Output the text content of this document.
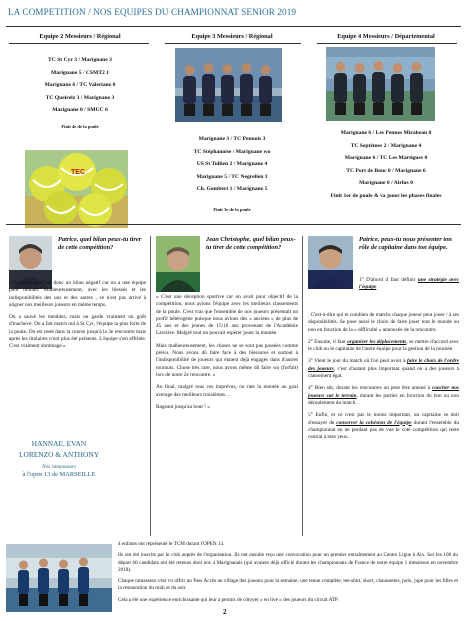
LA COMPETITION / NOS EQUIPES DU CHAMPIONNAT SENIOR 2019
Equipe 2 Messieurs / Régional
TC St Cyr 3 / Marignane 3
Marignane 5 / CSMT2 1
Marignane 6 / TC Valeriane 0
TC Queirelz 3 / Marignane 3
Marignane 0 / SMUC 6
Finit 4e de la poule
TEC
Equipe 3 Messieurs / Régional
Marignane 3 / TC Pennois 3
TC Stéphanoise / Marignane wo
US St Tullien 2 / Marignane 4
Marignane 5 / TC Negrelien 1
Ch. Gombert 1 / Marignane 5
Finit 3e de la poule
Equipe 4 Messieurs / Départemental
Marignane 6 / Les Pennes Mirabeau 0
TC Septèmes 2 / Marignane 4
Marignane 6 / TC Les Martigues 0
TC Port de Bouc 0 / Marignane 6
Marignane 6 / Airlus 0
Finit 1er de poule & va jouer les phases finales
Patrice, quel bilan peux-tu tirer de cette compétition?

« On finit 4e. C'est donc un bilan négatif car on a une équipe pour monter. Malheureusement, avec les blessés et les indisponibilités des uns et des autres , ce n'est pas arrivé à aligner nos meilleurs joueurs en même temps.

On a sauvé les meubles, mais on garde vraiment un goût d'inachevé. On a fait match nul à St Cyr, l'équipe la plus forte de la poule. On est resté dans la course jusqu'à la 3e rencontre mais après les titulaires n'ont plus été présents. L'équipe s'est effritée. C'est vraiment dommage.»

Jean Christophe, quel bilan peux-tu tirer de cette compétition?

« C'est une déception sportive car on avait pour objectif de la compétition, nous avions l'équipe avec les meilleurs classements de la poule. C'est vrai que l'ensemble de nos joueurs présentait un profil hétérogène puisque nous avions des « anciens » de plus de 45 ans et des jeunes de 15/16 ans provenant de l'Académie Lavrière. Malgré tout on pouvait espérer jouer la montée.

Mais malheureusement, les choses ne se sont pas passées comme prévu. Nous avons dû faire face à des blessures et surtout à l'indisponibilité de joueurs qui étaient déjà engagés dans d'autres tournois. Chose très rare, nous avons même dû faire wo (forfait) lors de notre 2e rencontre. »

Au final, malgré tous ces imprévus, on rate la montée au goal average des meilleurs troisièmes…

Rageant jusqu'au bout ! »

Patrice, peux-tu nous présenter ton rôle de capitaine dans ton équipe.

1° D'abord il faut définir une stratégie avec l'équipe

. C'est-à-dire qui et combien de matchs chaque joueur peut jouer / à ses disponibilités. Se pose aussi le choix de faire jouer tout le monde ou non en fonction de la « difficulté » annoncée de la rencontre.

2° Ensuite, il faut organiser les déplacements, se mettre d'accord avec le club ou le capitaine de l'autre équipe pour la gestion de la journée.

3° Vient le jour du match où l'on peut avoir à faire le choix de l'ordre des joueurs, c'est d'autant plus important quand on a des joueurs à classement égal.

4° Bien sûr, durant les rencontres on peut être amené à coacher nos joueurs sur le terrain, durant les parties en fonction du bon ou non déroulement du match.

5° Enfin, et ce n'est pas le moins important, un capitaine se doit d'essayer de conserver la cohésion de l'équipe durant l'ensemble du championnat en ne perdant pas de vue le coté compétition qui reste central à mes yeux.

HANNAE, EVAN
LORENZO & ANTHONY
Nos ramasseurs
à l'open 13 de MARSEILLE

4 enfants ont représenté le TCM durant l'OPEN 13.

Ils ont été inscrits par le club auprès de l'organisation. Ils ont ensuite reçu une convocation pour un premier entraînement au Centre Ligue à Aix. Sur les 100 du départ 60 candidats ont été retenus dont nos 4 Marignanais (qui avaient déjà officié durant les championnats de France de notre équipe 1 messieurs en novembre 2018).

Chaque ramasseur s'est vu offrir un Pass Accès au village des joueurs pour la semaine, une tenue complète, tee-shirt, short, chaussettes, polo, jupe pour les filles et la restauration du midi et du soir.

Cela a été une expérience enrichissante qui leur a permis de côtoyer « en live » des joueurs du circuit ATP.

2
